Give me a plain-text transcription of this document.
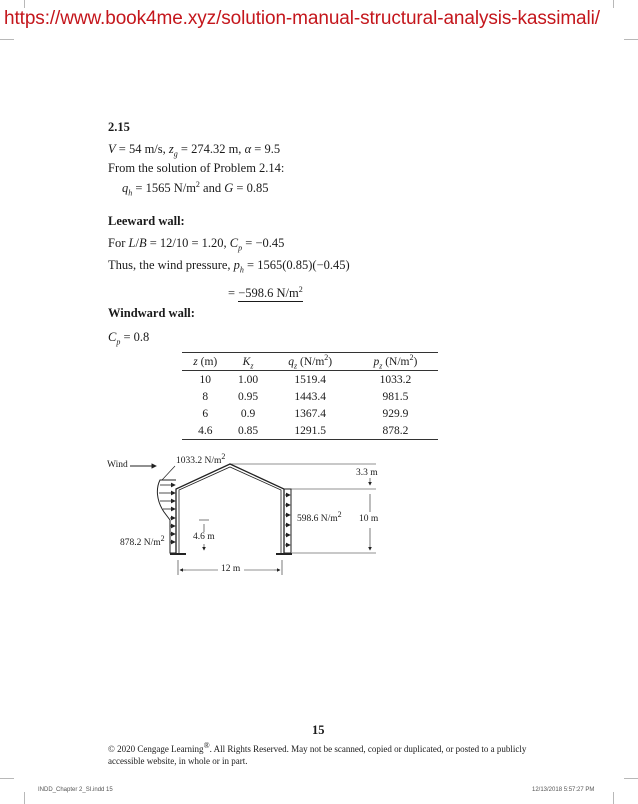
https://www.book4me.xyz/solution-manual-structural-analysis-kassimali/
2.15
V = 54 m/s, $z_g = 274.32$ m, α = 9.5
From the solution of Problem 2.14:
$q_h = 1565$ $N/m^2$ and G = 0.85
Leeward wall:
For L/B = 12/10 = 1.20, $C_p = -0.45$
Thus, the wind pressure, $p_h = 1565(0.85)(-0.45)$
= −598.6 $N/m^2$
Windward wall:
$C_p = 0.8$
z (m)	$K_z$	$q_z$ $(N/m^2)$	$p_z$ $(N/m^2)$
10	1.00	1519.4	1033.2
8	0.95	1443.4	981.5
6	0.9	1367.4	929.9
4.6	0.85	1291.5	878.2
Wind	1033.2 $N/m^2$
878.2 $N/m^2$
598.6 $N/m^2$
3.3 m
10 m
4.6 m
12 m
15
© 2020 Cengage Learning®. All Rights Reserved. May not be scanned, copied or duplicated, or posted to a publicly accessible website, in whole or in part.
INDD_Chapter 2_SI.indd 15	12/13/2018 5:57:27 PM
